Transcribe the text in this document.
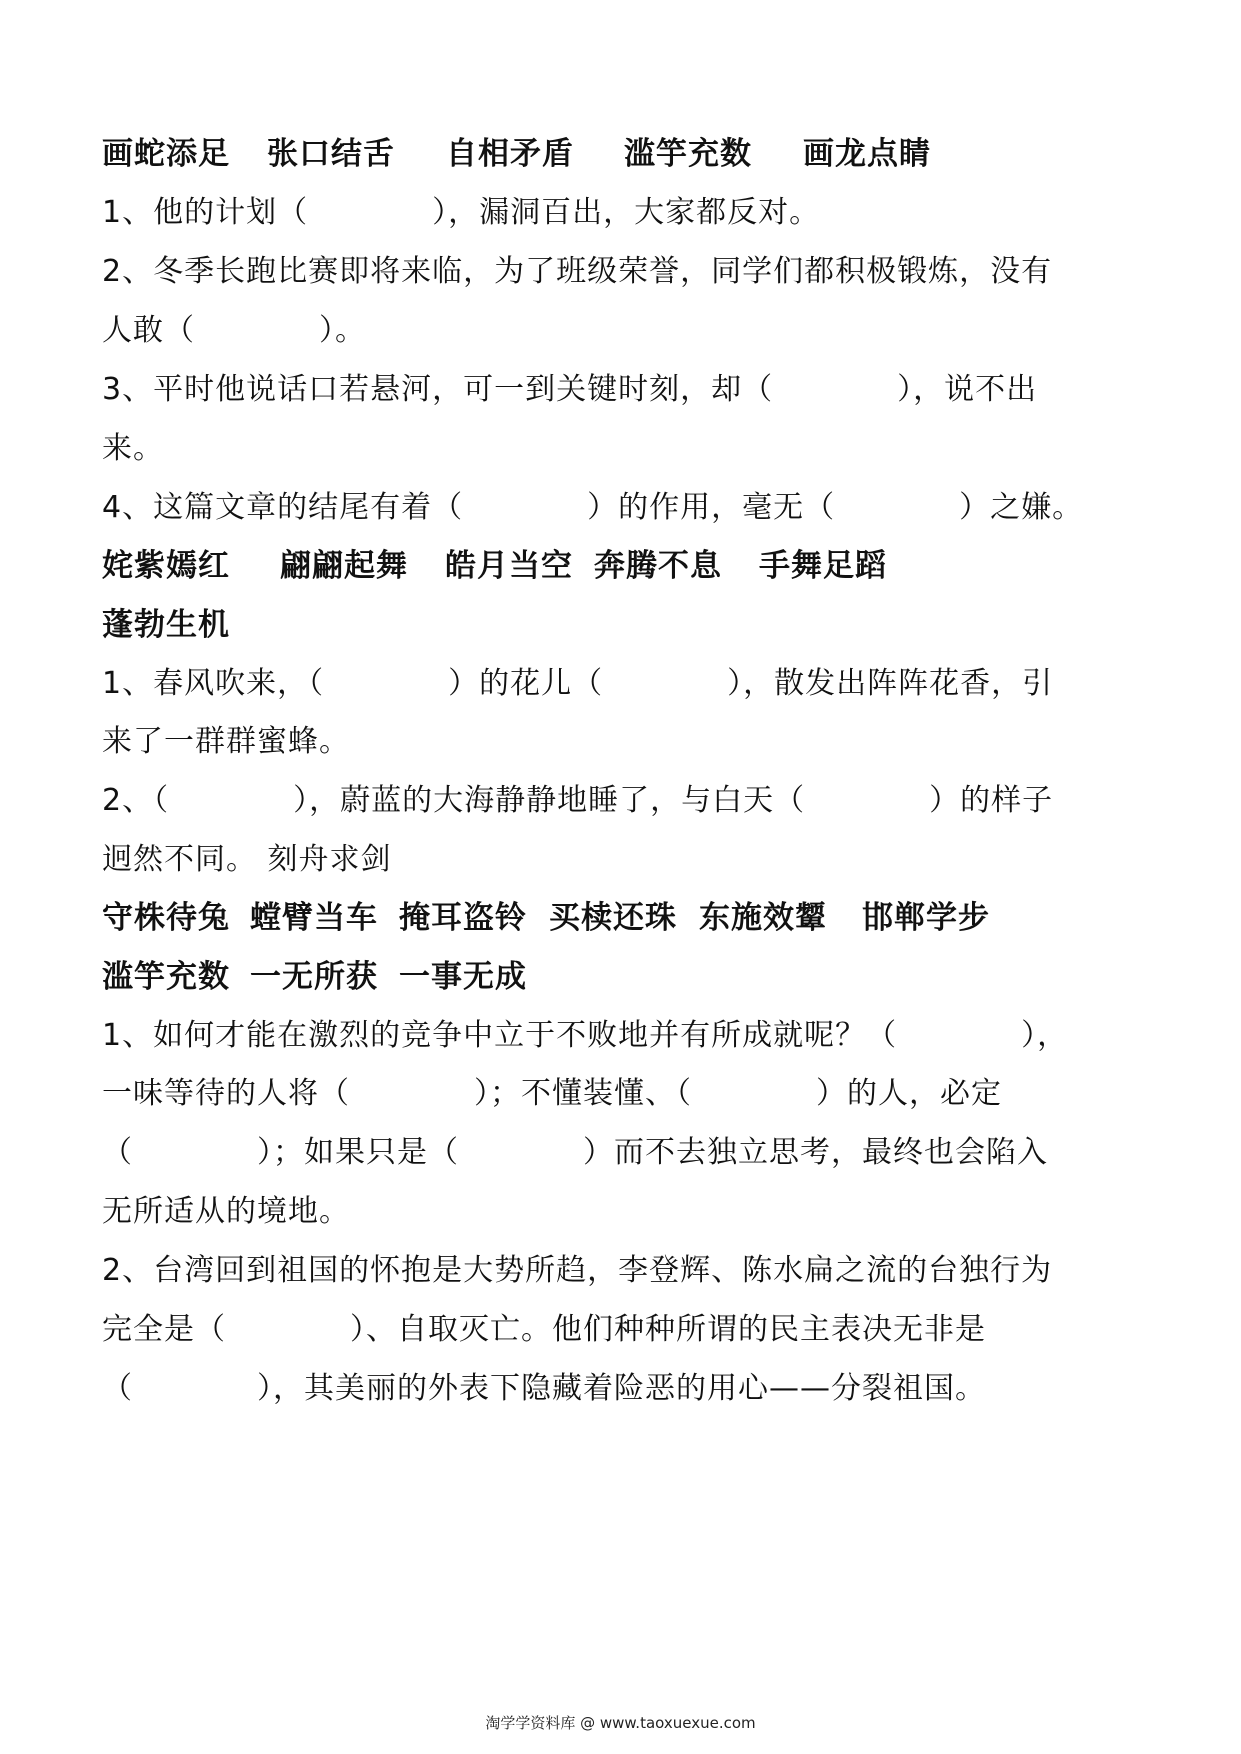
画蛇添足 张口结舌 自相矛盾 滥竽充数 画龙点睛
1、他的计划（　　　　），漏洞百出，大家都反对。
2、冬季长跑比赛即将来临，为了班级荣誉，同学们都积极锻炼，没有
人敢（　　　　）。
3、平时他说话口若悬河，可一到关键时刻，却（　　　　），说不出
来。
4、这篇文章的结尾有着（　　　　）的作用，毫无（　　　　）之嫌。
姹紫嫣红 翩翩起舞 皓月当空 奔腾不息 手舞足蹈
蓬勃生机
1、春风吹来，（　　　　）的花儿（　　　　），散发出阵阵花香，引
来了一群群蜜蜂。
2、（　　　　），蔚蓝的大海静静地睡了，与白天（　　　　）的样子
迥然不同。 刻舟求剑
守株待兔 螳臂当车 掩耳盗铃 买椟还珠 东施效颦 邯郸学步
滥竽充数 一无所获 一事无成
1、如何才能在激烈的竞争中立于不败地并有所成就呢？（　　　　），
一味等待的人将（　　　　）；不懂装懂、（　　　　）的人，必定
（　　　　）；如果只是（　　　　）而不去独立思考，最终也会陷入
无所适从的境地。
2、台湾回到祖国的怀抱是大势所趋，李登辉、陈水扁之流的台独行为
完全是（　　　　）、自取灭亡。他们种种所谓的民主表决无非是
（　　　　），其美丽的外表下隐藏着险恶的用心——分裂祖国。
淘学学资料库 @ www.taoxuexue.com
